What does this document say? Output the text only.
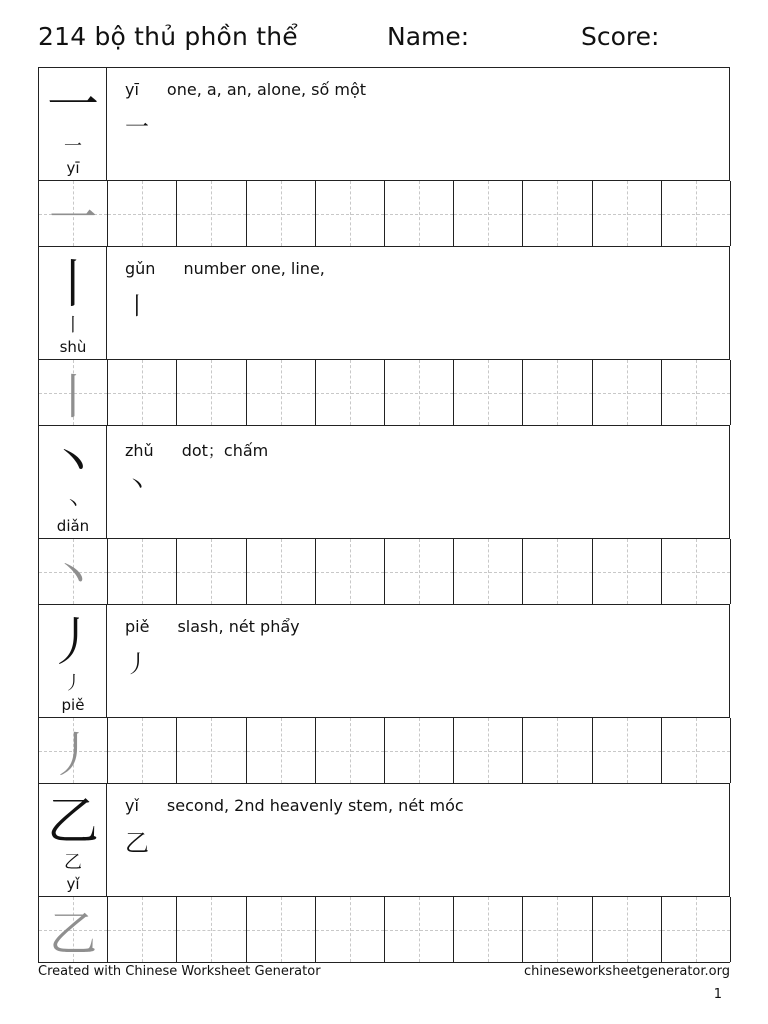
214 bộ thủ phồn thể	Name:	Score:
一
一
yī
yī one, a, an, alone, số một
一
一
丨
丨
shù
gǔn number one, line,
丨
丨
丶
丶
diǎn
zhǔ dot；chấm
丶
丶
丿
丿
piě
piě slash, nét phẩy
丿
丿
乙
乙
yǐ
yǐ second, 2nd heavenly stem, nét móc
乙
乙
Created with Chinese Worksheet Generator	chineseworksheetgenerator.org
1
